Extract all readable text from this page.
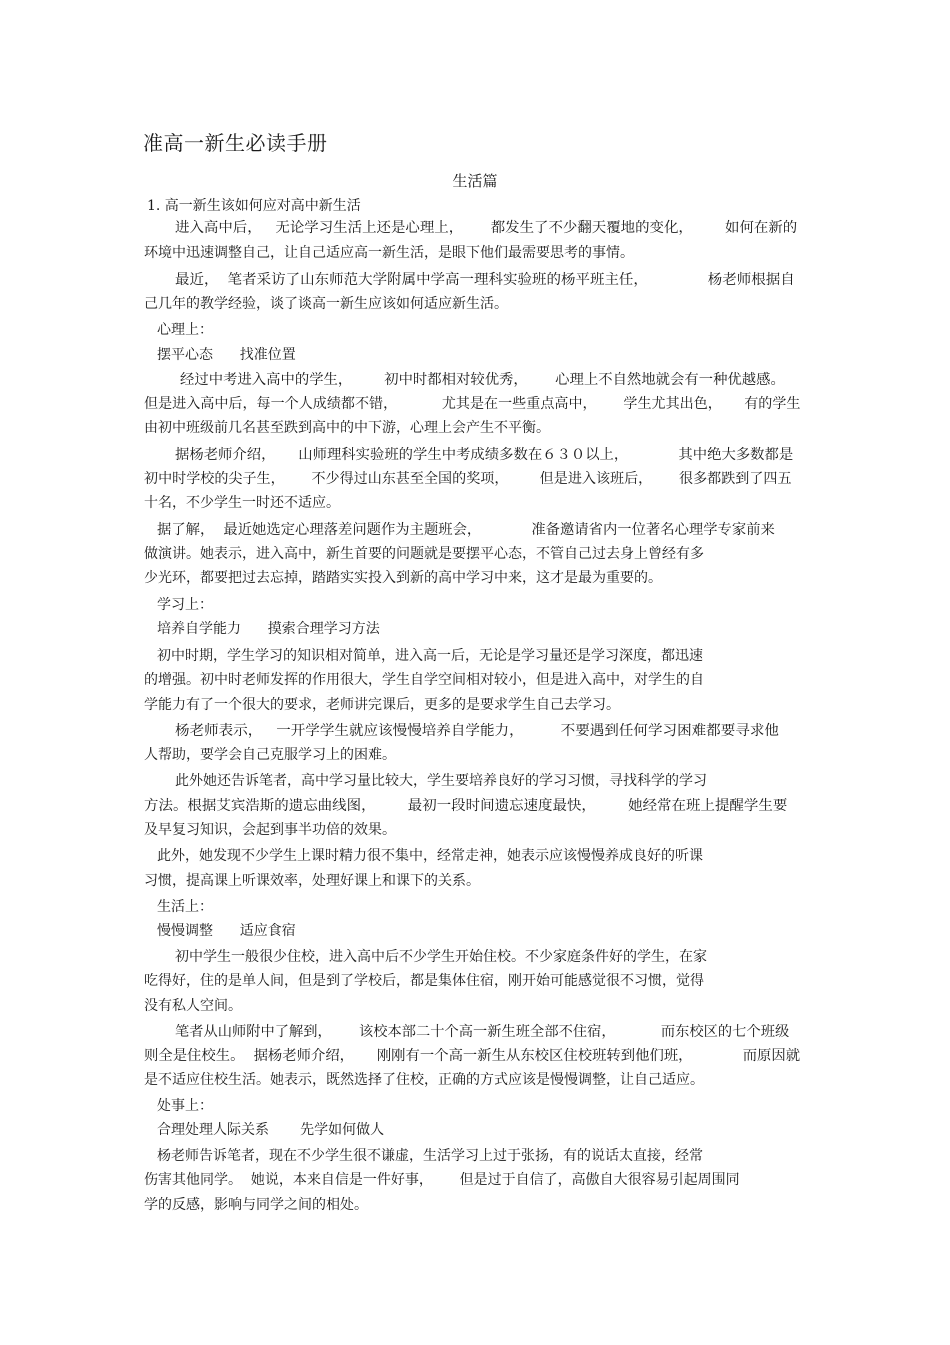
准高一新生必读手册
生活篇
1. 高一新生该如何应对高中新生活
进入高中后，   无论学习生活上还是心理上，      都发生了不少翻天覆地的变化，       如何在新的
环境中迅速调整自己，让自己适应高一新生活，是眼下他们最需要思考的事情。
最近，  笔者采访了山东师范大学附属中学高一理科实验班的杨平班主任，             杨老师根据自
己几年的教学经验，谈了谈高一新生应该如何适应新生活。
心理上：
摆平心态      找准位置
经过中考进入高中的学生，       初中时都相对较优秀，      心理上不自然地就会有一种优越感。
但是进入高中后，每一个人成绩都不错，          尤其是在一些重点高中，      学生尤其出色，     有的学生
由初中班级前几名甚至跌到高中的中下游，心理上会产生不平衡。
据杨老师介绍，     山师理科实验班的学生中考成绩多数在６３０以上，           其中绝大多数都是
初中时学校的尖子生，      不少得过山东甚至全国的奖项，       但是进入该班后，      很多都跌到了四五
十名，不少学生一时还不适应。
据了解，  最近她选定心理落差问题作为主题班会，           准备邀请省内一位著名心理学专家前来
做演讲。她表示，进入高中，新生首要的问题就是要摆平心态，不管自己过去身上曾经有多
少光环，都要把过去忘掉，踏踏实实投入到新的高中学习中来，这才是最为重要的。
学习上：
培养自学能力      摸索合理学习方法
初中时期，学生学习的知识相对简单，进入高一后，无论是学习量还是学习深度，都迅速
的增强。初中时老师发挥的作用很大，学生自学空间相对较小，但是进入高中，对学生的自
学能力有了一个很大的要求，老师讲完课后，更多的是要求学生自己去学习。
杨老师表示，   一开学学生就应该慢慢培养自学能力，        不要遇到任何学习困难都要寻求他
人帮助，要学会自己克服学习上的困难。
此外她还告诉笔者，高中学习量比较大，学生要培养良好的学习习惯，寻找科学的学习
方法。根据艾宾浩斯的遗忘曲线图，       最初一段时间遗忘速度最快，       她经常在班上提醒学生要
及早复习知识，会起到事半功倍的效果。
此外，她发现不少学生上课时精力很不集中，经常走神，她表示应该慢慢养成良好的听课
习惯，提高课上听课效率，处理好课上和课下的关系。
生活上：
慢慢调整      适应食宿
初中学生一般很少住校，进入高中后不少学生开始住校。不少家庭条件好的学生，在家
吃得好，住的是单人间，但是到了学校后，都是集体住宿，刚开始可能感觉很不习惯，觉得
没有私人空间。
笔者从山师附中了解到，      该校本部二十个高一新生班全部不住宿，          而东校区的七个班级
则全是住校生。  据杨老师介绍，     刚刚有一个高一新生从东校区住校班转到他们班，           而原因就
是不适应住校生活。她表示，既然选择了住校，正确的方式应该是慢慢调整，让自己适应。
处事上：
合理处理人际关系       先学如何做人
杨老师告诉笔者，现在不少学生很不谦虚，生活学习上过于张扬，有的说话太直接，经常
伤害其他同学。  她说，本来自信是一件好事，      但是过于自信了，高傲自大很容易引起周围同
学的反感，影响与同学之间的相处。
